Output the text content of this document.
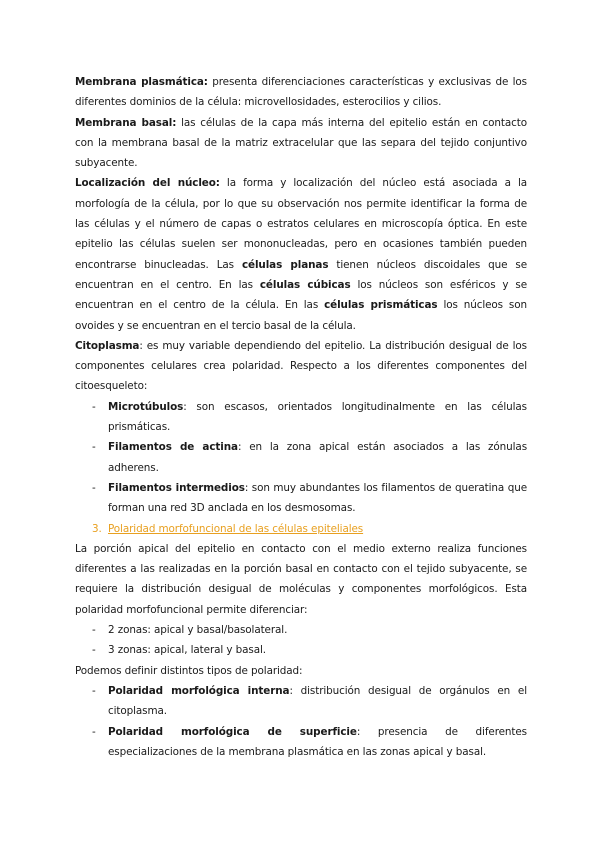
Membrana plasmática: presenta diferenciaciones características y exclusivas de los diferentes dominios de la célula: microvellosidades, esterocilios y cilios.

Membrana basal: las células de la capa más interna del epitelio están en contacto con la membrana basal de la matriz extracelular que las separa del tejido conjuntivo subyacente.

Localización del núcleo: la forma y localización del núcleo está asociada a la morfología de la célula, por lo que su observación nos permite identificar la forma de las células y el número de capas o estratos celulares en microscopía óptica. En este epitelio las células suelen ser mononucleadas, pero en ocasiones también pueden encontrarse binucleadas. Las células planas tienen núcleos discoidales que se encuentran en el centro. En las células cúbicas los núcleos son esféricos y se encuentran en el centro de la célula. En las células prismáticas los núcleos son ovoides y se encuentran en el tercio basal de la célula.

Citoplasma: es muy variable dependiendo del epitelio. La distribución desigual de los componentes celulares crea polaridad. Respecto a los diferentes componentes del citoesqueleto:

- Microtúbulos: son escasos, orientados longitudinalmente en las células prismáticas.

- Filamentos de actina: en la zona apical están asociados a las zónulas adherens.

- Filamentos intermedios: son muy abundantes los filamentos de queratina que forman una red 3D anclada en los desmosomas.

3. Polaridad morfofuncional de las células epiteliales

La porción apical del epitelio en contacto con el medio externo realiza funciones diferentes a las realizadas en la porción basal en contacto con el tejido subyacente, se requiere la distribución desigual de moléculas y componentes morfológicos. Esta polaridad morfofuncional permite diferenciar:

- 2 zonas: apical y basal/basolateral.

- 3 zonas: apical, lateral y basal.

Podemos definir distintos tipos de polaridad:

- Polaridad morfológica interna: distribución desigual de orgánulos en el citoplasma.

- Polaridad morfológica de superficie: presencia de diferentes especializaciones de la membrana plasmática en las zonas apical y basal.
